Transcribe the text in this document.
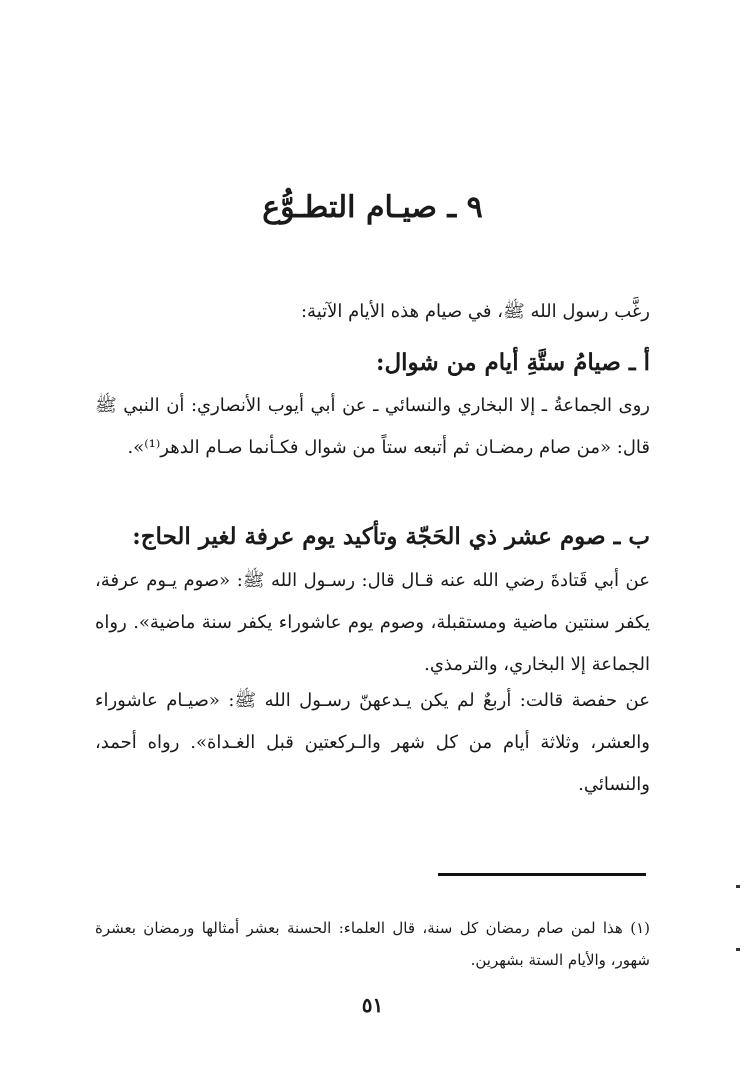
٩ ـ صيـام التطـوُّع
رغَّب رسول الله ﷺ، في صيام هذه الأيام الآتية:
أ ـ صيامُ ستَّةِ أيام من شوال:
روى الجماعةُ ـ إلا البخاري والنسائي ـ عن أبي أيوب الأنصاري: أن النبي ﷺ قال: «من صام رمضـان ثم أتبعه ستاً من شوال فكـأنما صـام الدهر⁽¹⁾».
ب ـ صوم عشر ذي الحَجّة وتأكيد يوم عرفة لغير الحاج:
عن أبي قَتادةَ رضي الله عنه قـال قال: رسـول الله ﷺ: «صوم يـوم عرفة، يكفر سنتين ماضية ومستقبلة، وصوم يوم عاشوراء يكفر سنة ماضية». رواه الجماعة إلا البخاري، والترمذي.
عن حفصة قالت: أربعٌ لم يكن يـدعهنّ رسـول الله ﷺ: «صيـام عاشوراء والعشر، وثلاثة أيام من كل شهر والـركعتين قبل الغـداة». رواه أحمد، والنسائي.
(١) هذا لمن صام رمضان كل سنة، قال العلماء: الحسنة بعشر أمثالها ورمضان بعشرة شهور، والأيام الستة بشهرين.
٥١
